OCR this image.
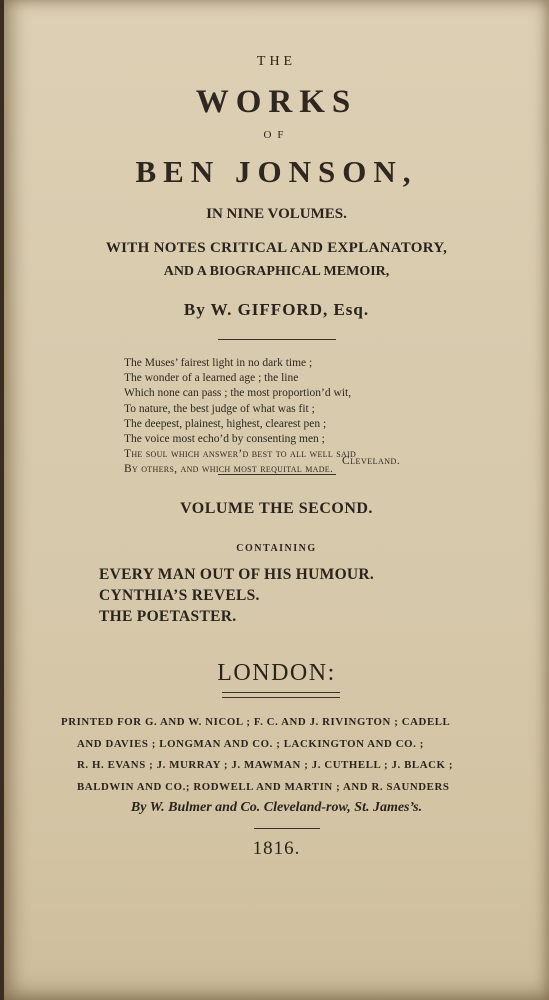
THE
WORKS
OF
BEN JONSON,
IN NINE VOLUMES.
WITH NOTES CRITICAL AND EXPLANATORY,
AND A BIOGRAPHICAL MEMOIR,
By W. GIFFORD, Esq.
The Muses’ fairest light in no dark time ;
The wonder of a learned age ; the line
Which none can pass ; the most proportion’d wit,
To nature, the best judge of what was fit ;
The deepest, plainest, highest, clearest pen ;
The voice most echo’d by consenting men ;
The soul which answer’d best to all well said
By others, and which most requital made.
Cleveland.
VOLUME THE SECOND.
CONTAINING
EVERY MAN OUT OF HIS HUMOUR.
CYNTHIA’S REVELS.
THE POETASTER.
LONDON:
PRINTED FOR G. AND W. NICOL ; F. C. AND J. RIVINGTON ; CADELL
AND DAVIES ; LONGMAN AND CO. ; LACKINGTON AND CO. ;
R. H. EVANS ; J. MURRAY ; J. MAWMAN ; J. CUTHELL ; J. BLACK ;
BALDWIN AND CO.; RODWELL AND MARTIN ; AND R. SAUNDERS
By W. Bulmer and Co. Cleveland-row, St. James’s.
1816.
